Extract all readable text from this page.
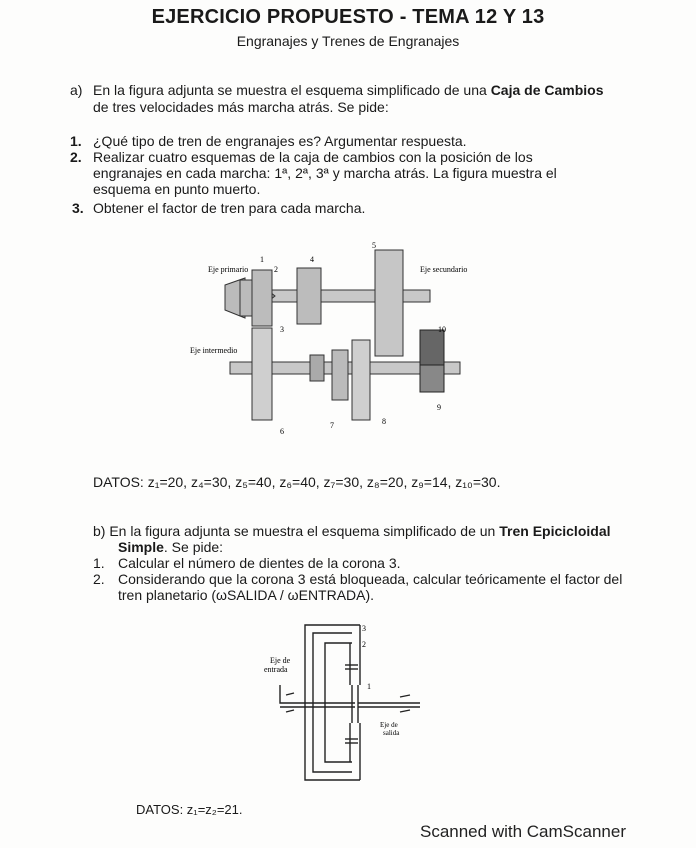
EJERCICIO PROPUESTO - TEMA 12 Y 13
Engranajes y Trenes de Engranajes
a) En la figura adjunta se muestra el esquema simplificado de una Caja de Cambios
de tres velocidades más marcha atrás. Se pide:
1. ¿Qué tipo de tren de engranajes es? Argumentar respuesta.
2. Realizar cuatro esquemas de la caja de cambios con la posición de los
engranajes en cada marcha: 1ª, 2ª, 3ª y marcha atrás. La figura muestra el
esquema en punto muerto.
3. Obtener el factor de tren para cada marcha.
Eje primario	Eje secundario
Eje intermedio
1
2
3
4
5
6
7	8
9
10
DATOS: z₁=20, z₄=30, z₅=40, z₆=40, z₇=30, z₈=20, z₉=14, z₁₀=30.
b) En la figura adjunta se muestra el esquema simplificado de un Tren Epicicloidal
Simple. Se pide:
1. Calcular el número de dientes de la corona 3.
2. Considerando que la corona 3 está bloqueada, calcular teóricamente el factor del
tren planetario (ωSALIDA / ωENTRADA).
Eje de
entrada
Eje de
salida
3
2
1
DATOS: z₁=z₂=21.
Scanned with CamScanner
